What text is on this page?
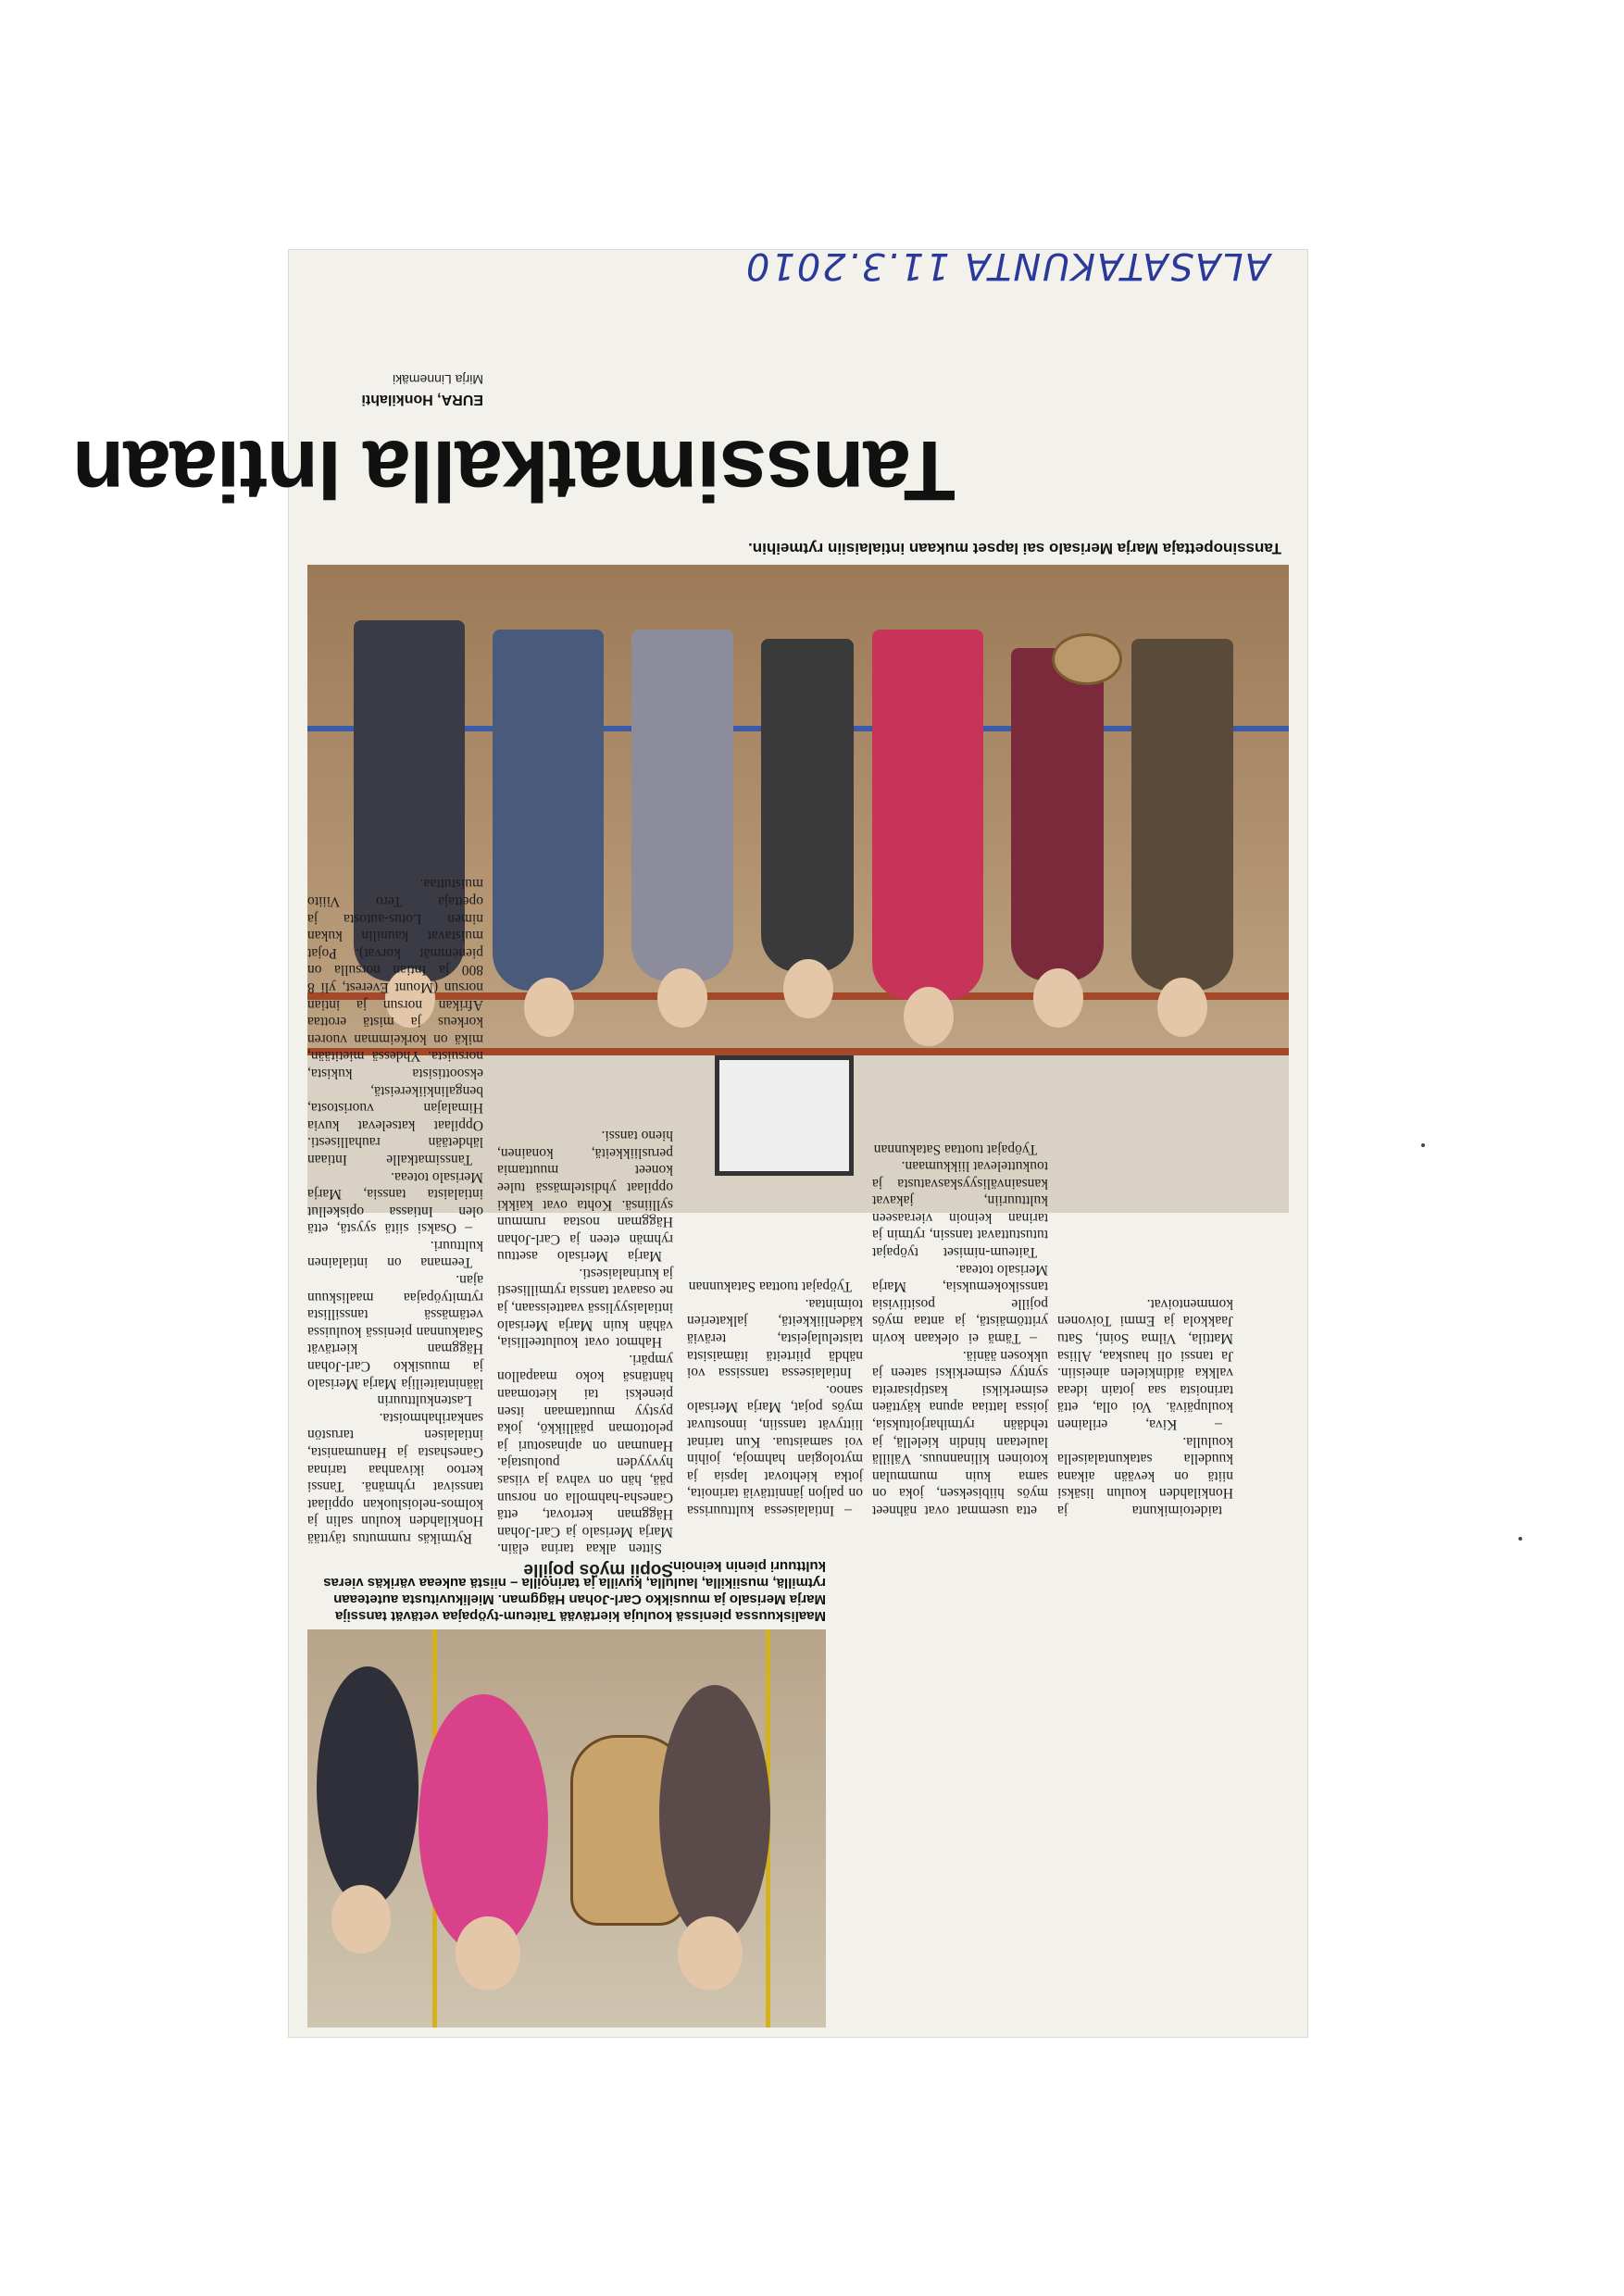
Tanssinopettaja Marja Merisalo sai lapset mukaan intialaisiin rytmeihin.
Tanssimatkalla Intiaan
EURA, Honkilahti
Mirja Linnemäki

Rytmikäs rummutus täyttää Honkilahden koulun salin ja kolmos-neloisluokan oppilaat tanssivat ryhmänä. Tanssi kertoo ikivanhaa tarinaa Ganeshasta ja Hanumanista, intialaisen tarustön sankarihahmoista.

Lastenkulttuurin läänintaiteilija Marja Merisalo ja muusikko Carl-Johan Häggman kiertävät Satakunnan pienissä kouluissa vetämässä tanssillista rytmityöpajaa maaliskuun ajan.

Teemana on intialainen kulttuuri.

– Osaksi siitä syystä, että olen Intiassa opiskellut intialaista tanssia, Marja Merisalo toteaa.

Tanssimatkalle Intiaan lähdetään rauhallisesti. Oppilaat katselevat kuvia Himalajan vuoristosta, bengalinkiikereistä, eksoottisista kukista, norsuista. Yhdessä mietitään, mikä on korkeimman vuoren korkeus ja mistä erottaa Afrikan norsun ja intian norsun (Mount Everest, yli 8 800 ja Intian norsulla on pienemmät korvat). Pojat muistavat kaunilin kukan nimen Lotus-autosta ja opettaja Tero Viiito muistuttaa.

Sopii myös pojille

Sitten alkaa tarina eläin. Marja Merisalo ja Carl-Johan Häggman kertovat, että Ganesha-hahmolla on norsun pää, hän on vahva ja viisas hyvyyden puolustaja. Hanuman on apinasoturi ja pelottoman päällikkö, joka pystyy muuttamaan itsen pieneksi tai kietomaan häntänsä koko maapallon ympäri.

Hahmot ovat kouluteellisia, vähän kuin Marja Merisalo intialaisyylissä vaatteissaan, ja ne osaavat tanssia rytmillisesti ja kurinalaisesti.

Marja Merisalo asettuu ryhmän eteen ja Carl-Johan Häggman nostaa rummun sylliinsä. Kohta ovat kaikki oppilaat yhdistelmässä tulee koneet muuttamia perusliikkeitä, konainen, hieno tanssi.

– Intialaisessa kulttuurissa on paljon jännittäviä tarinoita, jotka kiehtovat lapsia ja mytologian hahmoja, joihin voi samaistua. Kun tarinat liittyvät tanssiin, innostuvat myös pojat, Marja Merisalo sanoo.

Intialaisessa tanssissa voi nähdä piirteitä itämaisista taistelulajeista, teräviä kädenliikkeitä, jalkaterien toimintaa.

Työpajat tuottaa Satakunnan

etta usemmat ovat nähneet myös hiibiseksen, joka on sama kuin mummulan kotoinen kilinannuus. Välillä lauletaan hindin kielellä, ja tehdään rytmiharjoituksia, joissa lattiaa apuna käyttäen esimerkiksi kastipisareita syntyy esimerkiksi sateen ja ukkosen ääniä.

– Tämä ei olekaan kovin yrittömäistä, ja antaa myös pojille positiivisia tanssikokemuksia, Marja Merisalo toteaa.

Taiteum-nimiset työpajat tutustuttavat tanssin, rytmin ja tarinan keinoin vieraaseen kulttuuriin, jakavat kansainvälisyyskasvatusta ja toukuttelevat liikkumaan.

Työpajat tuottaa Satakunnan

taidetoimikunta ja Honkilahden koulun lisäksi niitä on kevään aikana kuudella satakuntalaisella koululla.

– Kiva, erilainen koulupäivä. Voi olla, että tarinoista saa jotain ideaa valkka äidinkielen aineisiin. Ja tanssi oli hauskaa, Aliisa Mattila, Vilma Soini, Satu Jaakkola ja Emmi Toivonen kommentoivat.

Maaliskuussa pienissä kouluja kiertävää Taiteum-työpajaa vetävät tanssija Marja Merisalo ja muusikko Carl-Johan Häggman. Mielikuvitusta auteteaan rytmillä, musiikilla, laululla, kuvilla ja tarinoilla – niistä aukeaa värikäs vieras kulttuuri pienin keinoin.
ALASATAKUNTA 11.3.2010
